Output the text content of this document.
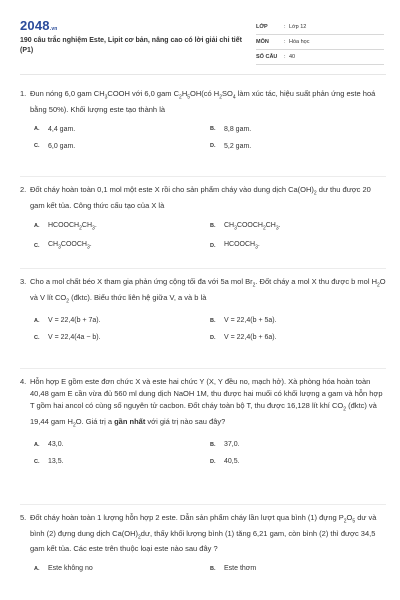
2048.vn
190 câu trắc nghiệm Este, Lipit cơ bản, nâng cao có lời giải chi tiết (P1)
LỚP	: Lớp 12
MÔN	: Hóa học
SỐ CÂU	: 40
1. Đun nóng 6,0 gam $CH_3COOH$ với 6,0 gam $C_2H_5OH(có$ $H_2SO_4$ làm xúc tác, hiệu suất phản ứng este hoá bằng 50%). Khối lượng este tạo thành là
A.	4,4 gam.	B.	8,8 gam.
C.	6,0 gam.	D.	5,2 gam.
2. Đốt cháy hoàn toàn 0,1 mol một este X rồi cho sản phẩm cháy vào dung dịch $Ca(OH)_2$ dư thu được 20 gam kết tủa. Công thức cấu tạo của X là
A.	$HCOOCH_2CH_3$.	B.	$CH_3COOCH_2CH_3$.
C.	$CH_3COOCH_3$.	D.	$HCOOCH_3$.
3. Cho a mol chất béo X tham gia phản ứng cộng tối đa với 5a mol $Br_2$. Đốt cháy a mol X thu được b mol $H_2O$ và V lít $CO_2$ (đktc). Biểu thức liên hệ giữa V, a và b là
A.	V = 22,4(b + 7a).	B.	V = 22,4(b + 5a).
C.	V = 22,4(4a − b).	D.	V = 22,4(b + 6a).
4. Hỗn hợp E gồm este đơn chức X và este hai chức Y (X, Y đều no, mạch hở). Xà phòng hóa hoàn toàn 40,48 gam E cần vừa đủ 560 ml dung dịch NaOH 1M, thu được hai muối có khối lượng a gam và hỗn hợp T gồm hai ancol có cùng số nguyên tử cacbon. Đốt cháy toàn bộ T, thu được 16,128 lít khí $CO_2$ (đktc) và 19,44 gam $H_2O$. Giá trị a gần nhất với giá trị nào sau đây?
A.	43,0.	B.	37,0.
C.	13,5.	D.	40,5.
5. Đốt cháy hoàn toàn 1 lượng hỗn hợp 2 este. Dẫn sản phẩm cháy lần lượt qua bình (1) đựng $P_2O_5$ dư và bình (2) đựng dung dịch $Ca(OH)_2dư$, thấy khối lượng bình (1) tăng 6,21 gam, còn bình (2) thì được 34,5 gam kết tủa. Các este trên thuộc loại este nào sau đây ?
A.	Este không no	B.	Este thơm
